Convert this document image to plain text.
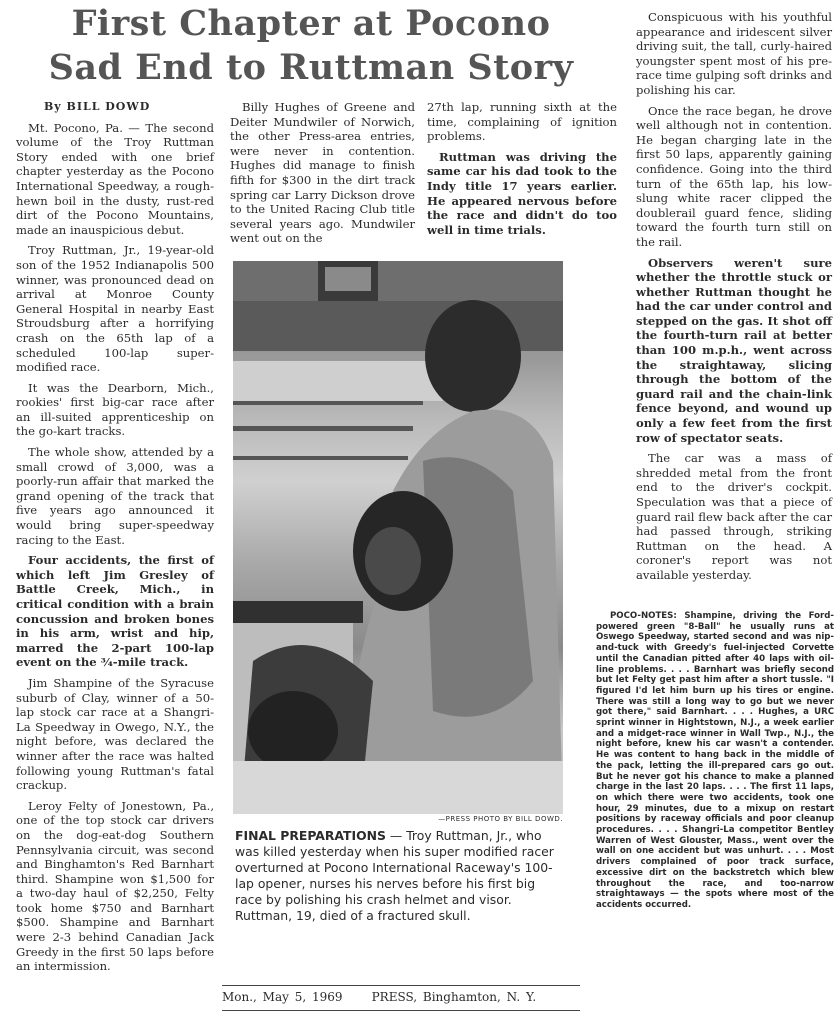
First Chapter at Pocono
Sad End to Ruttman Story

By BILL DOWD

Mt. Pocono, Pa. — The second volume of the Troy Ruttman Story ended with one brief chapter yesterday as the Pocono International Speedway, a rough-hewn boil in the dusty, rust-red dirt of the Pocono Mountains, made an inauspicious debut.

Troy Ruttman, Jr., 19-year-old son of the 1952 Indianapolis 500 winner, was pronounced dead on arrival at Monroe County General Hospital in nearby East Stroudsburg after a horrifying crash on the 65th lap of a scheduled 100-lap super-modified race.

It was the Dearborn, Mich., rookies' first big-car race after an ill-suited apprenticeship on the go-kart tracks.

The whole show, attended by a small crowd of 3,000, was a poorly-run affair that marked the grand opening of the track that five years ago announced it would bring super-speedway racing to the East.

Four accidents, the first of which left Jim Gresley of Battle Creek, Mich., in critical condition with a brain concussion and broken bones in his arm, wrist and hip, marred the 2-part 100-lap event on the ¾-mile track.

Jim Shampine of the Syracuse suburb of Clay, winner of a 50-lap stock car race at a Shangri-La Speedway in Owego, N.Y., the night before, was declared the winner after the race was halted following young Ruttman's fatal crackup.

Leroy Felty of Jonestown, Pa., one of the top stock car drivers on the dog-eat-dog Southern Pennsylvania circuit, was second and Binghamton's Red Barnhart third. Shampine won $1,500 for a two-day haul of $2,250, Felty took home $750 and Barnhart $500. Shampine and Barnhart were 2-3 behind Canadian Jack Greedy in the first 50 laps before an intermission.

Billy Hughes of Greene and Deiter Mundwiler of Norwich, the other Press-area entries, were never in contention. Hughes did manage to finish fifth for $300 in the dirt track spring car Larry Dickson drove to the United Racing Club title several years ago. Mundwiler went out on the

27th lap, running sixth at the time, complaining of ignition problems.

Ruttman was driving the same car his dad took to the Indy title 17 years earlier. He appeared nervous before the race and didn't do too well in time trials.

—PRESS PHOTO BY BILL DOWD.
FINAL PREPARATIONS — Troy Ruttman, Jr., who was killed yesterday when his super modified racer overturned at Pocono International Raceway's 100-lap opener, nurses his nerves before his first big race by polishing his crash helmet and visor. Ruttman, 19, died of a fractured skull.
Mon., May 5, 1969     PRESS, Binghamton, N. Y.

Conspicuous with his youthful appearance and iridescent silver driving suit, the tall, curly-haired youngster spent most of his pre-race time gulping soft drinks and polishing his car.

Once the race began, he drove well although not in contention. He began charging late in the first 50 laps, apparently gaining confidence. Going into the third turn of the 65th lap, his low-slung white racer clipped the doublerail guard fence, sliding toward the fourth turn still on the rail.

Observers weren't sure whether the throttle stuck or whether Ruttman thought he had the car under control and stepped on the gas. It shot off the fourth-turn rail at better than 100 m.p.h., went across the straightaway, slicing through the bottom of the guard rail and the chain-link fence beyond, and wound up only a few feet from the first row of spectator seats.

The car was a mass of shredded metal from the front end to the driver's cockpit. Speculation was that a piece of guard rail flew back after the car had passed through, striking Ruttman on the head. A coroner's report was not available yesterday.

POCO-NOTES: Shampine, driving the Ford-powered green "8-Ball" he usually runs at Oswego Speedway, started second and was nip-and-tuck with Greedy's fuel-injected Corvette until the Canadian pitted after 40 laps with oil-line problems. . . . Barnhart was briefly second but let Felty get past him after a short tussle. "I figured I'd let him burn up his tires or engine. There was still a long way to go but we never got there," said Barnhart. . . . Hughes, a URC sprint winner in Hightstown, N.J., a week earlier and a midget-race winner in Wall Twp., N.J., the night before, knew his car wasn't a contender. He was content to hang back in the middle of the pack, letting the ill-prepared cars go out. But he never got his chance to make a planned charge in the last 20 laps. . . . The first 11 laps, on which there were two accidents, took one hour, 29 minutes, due to a mixup on restart positions by raceway officials and poor cleanup procedures. . . . Shangri-La competitor Bentley Warren of West Glouster, Mass., went over the wall on one accident but was unhurt. . . . Most drivers complained of poor track surface, excessive dirt on the backstretch which blew throughout the race, and too-narrow straightaways — the spots where most of the accidents occurred.
